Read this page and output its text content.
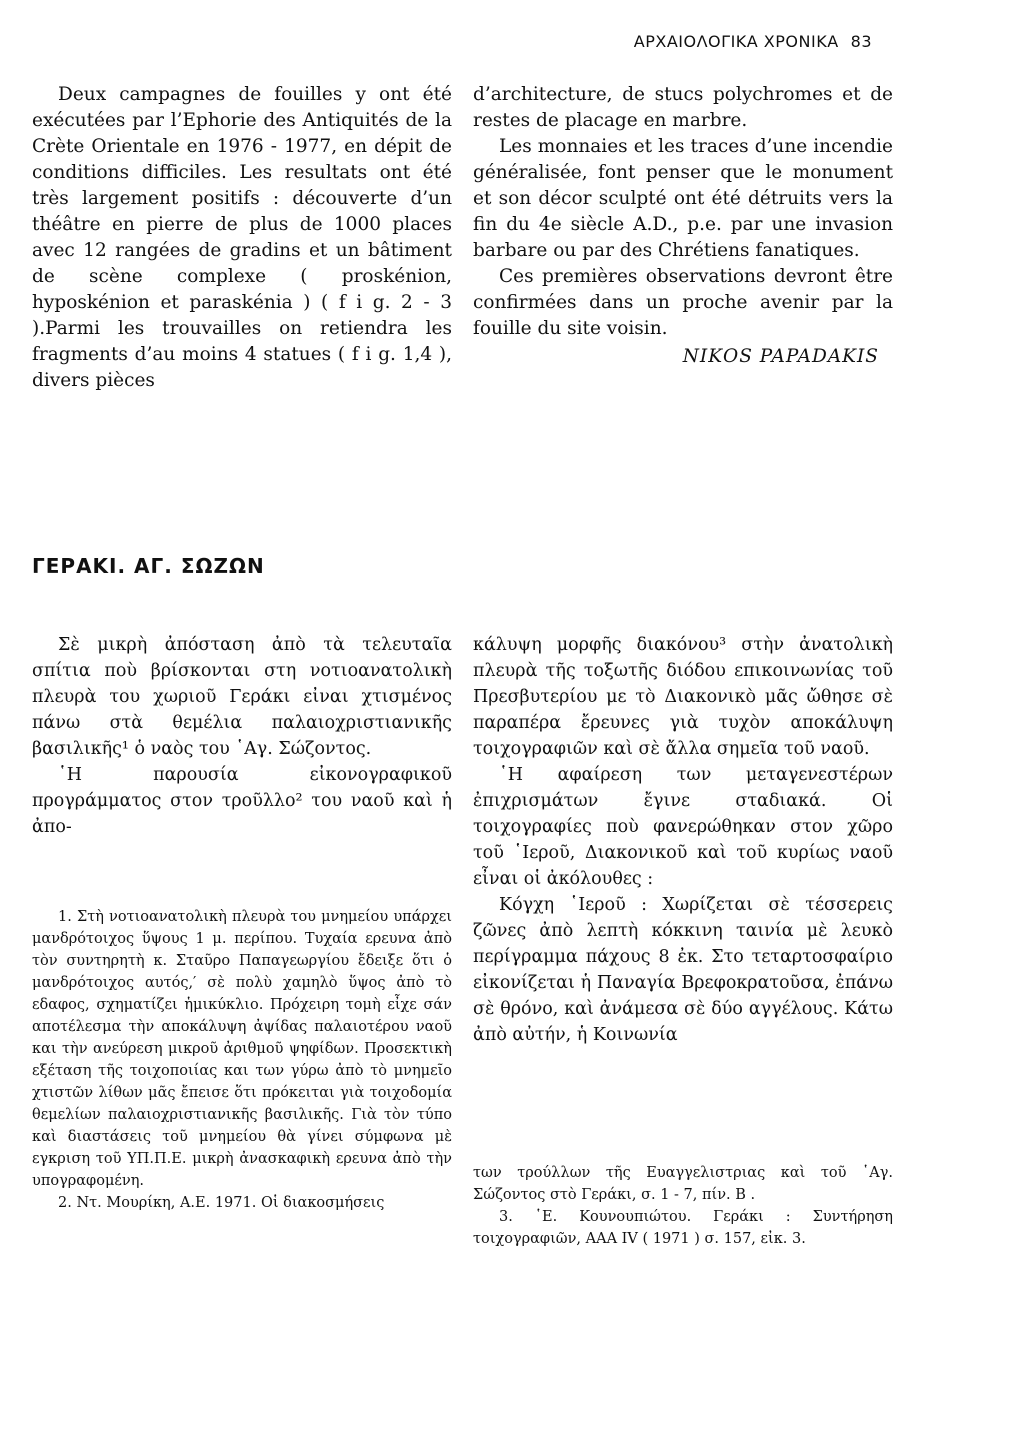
ΑΡΧΑΙΟΛΟΓΙΚΑ ΧΡΟΝΙΚΑ 83

Deux campagnes de fouilles y ont été exécutées par l’Ephorie des Antiquités de la Crète Orientale en 1976 - 1977, en dépit de conditions difficiles. Les resultats ont été très largement positifs : découverte d’un théâtre en pierre de plus de 1000 places avec 12 rangées de gradins et un bâtiment de scène complexe ( proskénion, hyposkénion et paraskénia ) ( f i g. 2 - 3 ).Parmi les trouvailles on retiendra les fragments d’au moins 4 statues ( f i g. 1,4 ), divers pièces

d’architecture, de stucs polychromes et de restes de placage en marbre.

Les monnaies et les traces d’une incendie généralisée, font penser que le monument et son décor sculpté ont été détruits vers la fin du 4e siècle A.D., p.e. par une invasion barbare ou par des Chrétiens fanatiques.

Ces premières observations devront être confirmées dans un proche avenir par la fouille du site voisin.

ΝΙΚΟS PAPADAKIS

ΓΕΡΑΚΙ. ΑΓ. ΣΩΖΩΝ

Σὲ μικρὴ ἀπόσταση ἀπὸ τὰ τελευταῖα σπίτια ποὺ βρίσκονται στη νοτιοανατολικὴ πλευρὰ του χωριοῦ Γεράκι εἰναι χτισμένος πάνω στὰ θεμέλια παλαιοχριστιανικῆς βασιλικῆς¹ ὁ ναὸς του ῾Αγ. Σώζοντος.

῾Η παρουσία εἰκονογραφικοῦ προγράμματος στον τροῦλλο² του ναοῦ καὶ ἡ ἀπο-

κάλυψη μορφῆς διακόνου³ στὴν ἀνατολικὴ πλευρὰ τῆς τοξωτῆς διόδου επικοινωνίας τοῦ Πρεσβυτερίου με τὸ Διακονικὸ μᾶς ὤθησε σὲ παραπέρα ἔρευνες γιὰ τυχὸν αποκάλυψη τοιχογραφιῶν καὶ σὲ ἄλλα σημεῖα τοῦ ναοῦ.

῾Η αφαίρεση των μεταγενεστέρων ἐπιχρισμάτων ἔγινε σταδιακά. Οἱ τοιχογραφίες ποὺ φανερώθηκαν στον χῶρο τοῦ ῾Ιεροῦ, Διακονικοῦ καὶ τοῦ κυρίως ναοῦ εἶναι οἱ ἀκόλουθες :

Κόγχη ῾Ιεροῦ : Χωρίζεται σὲ τέσσερεις ζῶνες ἀπὸ λεπτὴ κόκκινη ταινία μὲ λευκὸ περίγραμμα πάχους 8 ἐκ. Στο τεταρτοσφαίριο εἰκονίζεται ἡ Παναγία Βρεφοκρατοῦσα, ἐπάνω σὲ θρόνο, καὶ ἀνάμεσα σὲ δύο αγγέλους. Κάτω ἀπὸ αὐτήν, ἡ Κοινωνία

1. Στὴ νοτιοανατολικὴ πλευρὰ του μνημείου υπάρχει μανδρότοιχος ὕψους 1 μ. περίπου. Τυχαία ερευνα ἀπὸ τὸν συντηρητὴ κ. Σταῦρο Παπαγεωργίου ἔδειξε ὅτι ὁ μανδρότοιχος αυτός,′ σὲ πολὺ χαμηλὸ ὕψος ἀπὸ τὸ εδαφος, σχηματίζει ἡμικύκλιο. Πρόχειρη τομὴ εἶχε σάν αποτέλεσμα τὴν αποκάλυψη ἀψίδας παλαιοτέρου ναοῦ και τὴν ανεύρεση μικροῦ ἀριθμοῦ ψηφίδων. Προσεκτικὴ εξέταση τῆς τοιχοποιίας και των γύρω ἀπὸ τὸ μνημεῖο χτιστῶν λίθων μᾶς ἔπεισε ὅτι πρόκειται γιὰ τοιχοδομία θεμελίων παλαιοχριστιανικῆς βασιλικῆς. Γιὰ τὸν τύπο καὶ διαστάσεις τοῦ μνημείου θὰ γίνει σύμφωνα μὲ εγκριση τοῦ ΥΠ.Π.Ε. μικρὴ ἀνασκαφικὴ ερευνα ἀπὸ τὴν υπογραφομένη.

2. Ντ. Μουρίκη, Α.Ε. 1971. Οἱ διακοσμήσεις

των τρούλλων τῆς Ευαγγελιστριας καὶ τοῦ ῾Αγ. Σώζοντος στὸ Γεράκι, σ. 1 - 7, πίν. Β .

3. ῾Ε. Κουνουπιώτου. Γεράκι : Συντήρηση τοιχογραφιῶν, ΑΑΑ IV ( 1971 ) σ. 157, εἰκ. 3.
